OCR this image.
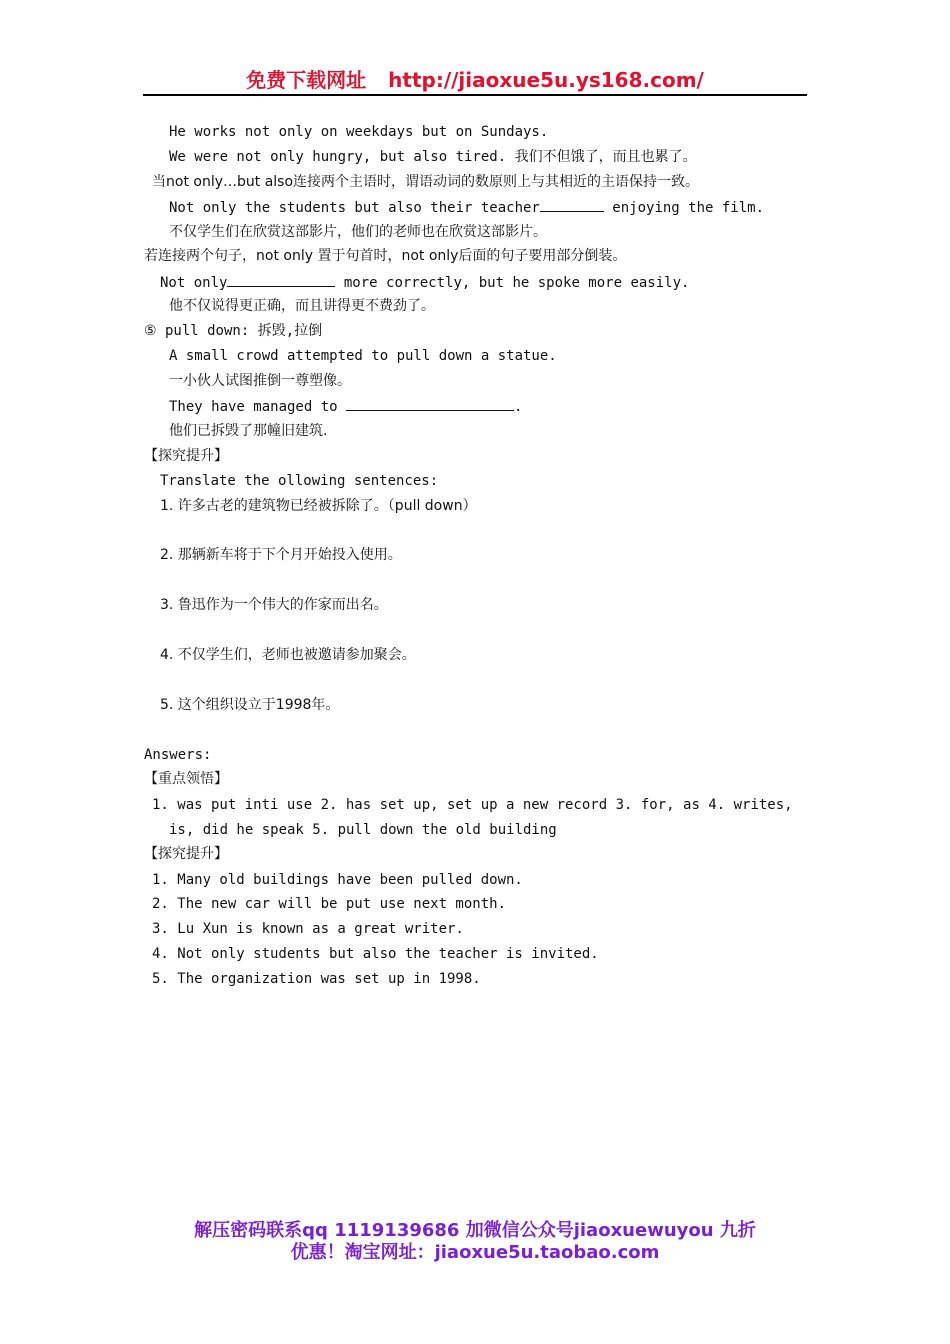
免费下载网址 http://jiaoxue5u.ys168.com/
He works not only on weekdays but on Sundays.
We were not only hungry, but also tired. 我们不但饿了，而且也累了。
当not only…but also连接两个主语时，谓语动词的数原则上与其相近的主语保持一致。
Not only the students but also their teacher	enjoying the film.
不仅学生们在欣赏这部影片，他们的老师也在欣赏这部影片。
若连接两个句子，not only 置于句首时，not only后面的句子要用部分倒装。
Not only	more correctly, but he spoke more easily.
他不仅说得更正确，而且讲得更不费劲了。
⑤ pull down: 拆毁,拉倒
A small crowd attempted to pull down a statue.
一小伙人试图推倒一尊塑像。
They have managed to	.
他们已拆毁了那幢旧建筑.
【探究提升】
Translate the ollowing sentences:
1. 许多古老的建筑物已经被拆除了。（pull down）
2. 那辆新车将于下个月开始投入使用。
3. 鲁迅作为一个伟大的作家而出名。
4. 不仅学生们，老师也被邀请参加聚会。
5. 这个组织设立于1998年。
Answers:
【重点领悟】
1. was put inti use 2. has set up, set up a new record 3. for, as 4. writes,
is, did he speak 5. pull down the old building
【探究提升】
1. Many old buildings have been pulled down.
2. The new car will be put use next month.
3. Lu Xun is known as a great writer.
4. Not only students but also the teacher is invited.
5. The organization was set up in 1998.
解压密码联系qq 1119139686 加微信公众号jiaoxuewuyou 九折
优惠！淘宝网址：jiaoxue5u.taobao.com
